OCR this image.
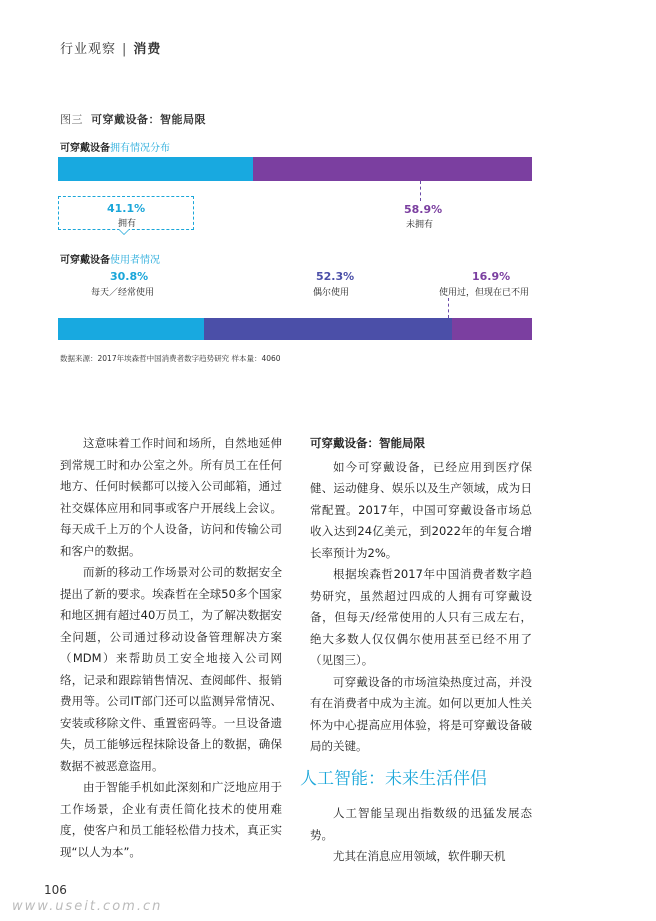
行业观察 | 消费
图三 可穿戴设备：智能局限
可穿戴设备拥有情况分布
41.1%
拥有
58.9%
未拥有
可穿戴设备使用者情况
30.8%
每天／经常使用
52.3%
偶尔使用
16.9%
使用过，但现在已不用
数据来源：2017年埃森哲中国消费者数字趋势研究 样本量：4060

这意味着工作时间和场所，自然地延伸到常规工时和办公室之外。所有员工在任何地方、任何时候都可以接入公司邮箱，通过社交媒体应用和同事或客户开展线上会议。每天成千上万的个人设备，访问和传输公司和客户的数据。

而新的移动工作场景对公司的数据安全提出了新的要求。埃森哲在全球50多个国家和地区拥有超过40万员工，为了解决数据安全问题，公司通过移动设备管理解决方案（MDM）来帮助员工安全地接入公司网络，记录和跟踪销售情况、查阅邮件、报销费用等。公司IT部门还可以监测异常情况、安装或移除文件、重置密码等。一旦设备遗失，员工能够远程抹除设备上的数据，确保数据不被恶意盗用。

由于智能手机如此深刻和广泛地应用于工作场景，企业有责任简化技术的使用难度，使客户和员工能轻松借力技术，真正实现“以人为本”。

可穿戴设备：智能局限

如今可穿戴设备，已经应用到医疗保健、运动健身、娱乐以及生产领域，成为日常配置。2017年，中国可穿戴设备市场总收入达到24亿美元，到2022年的年复合增长率预计为2%。

根据埃森哲2017年中国消费者数字趋势研究，虽然超过四成的人拥有可穿戴设备，但每天/经常使用的人只有三成左右，绝大多数人仅仅偶尔使用甚至已经不用了（见图三）。

可穿戴设备的市场渲染热度过高，并没有在消费者中成为主流。如何以更加人性关怀为中心提高应用体验，将是可穿戴设备破局的关键。

人工智能：未来生活伴侣

人工智能呈现出指数级的迅猛发展态势。

尤其在消息应用领域，软件聊天机

106
www.useit.com.cn
